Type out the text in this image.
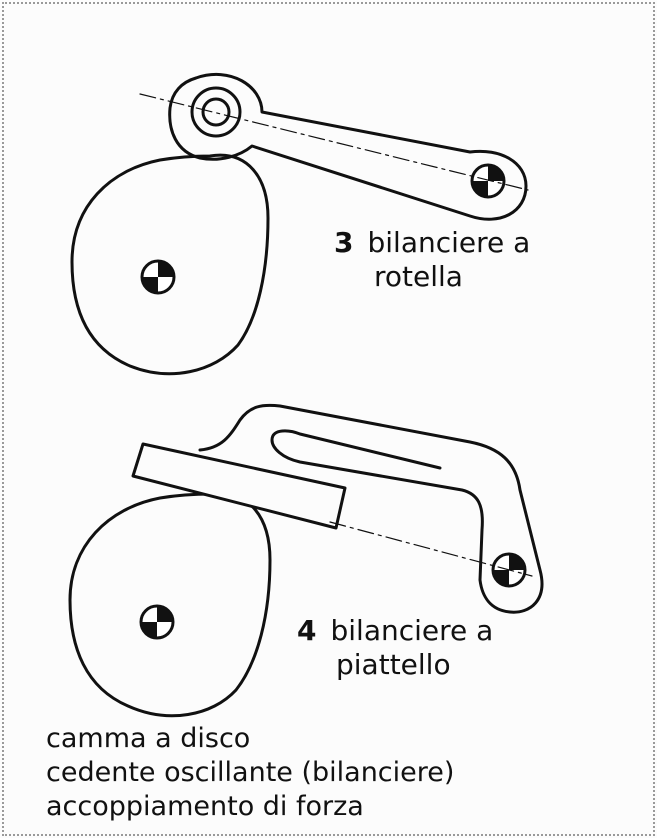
3 bilanciere a
rotella
4 bilanciere a
piattello
camma a disco
cedente oscillante (bilanciere)
accoppiamento di forza
